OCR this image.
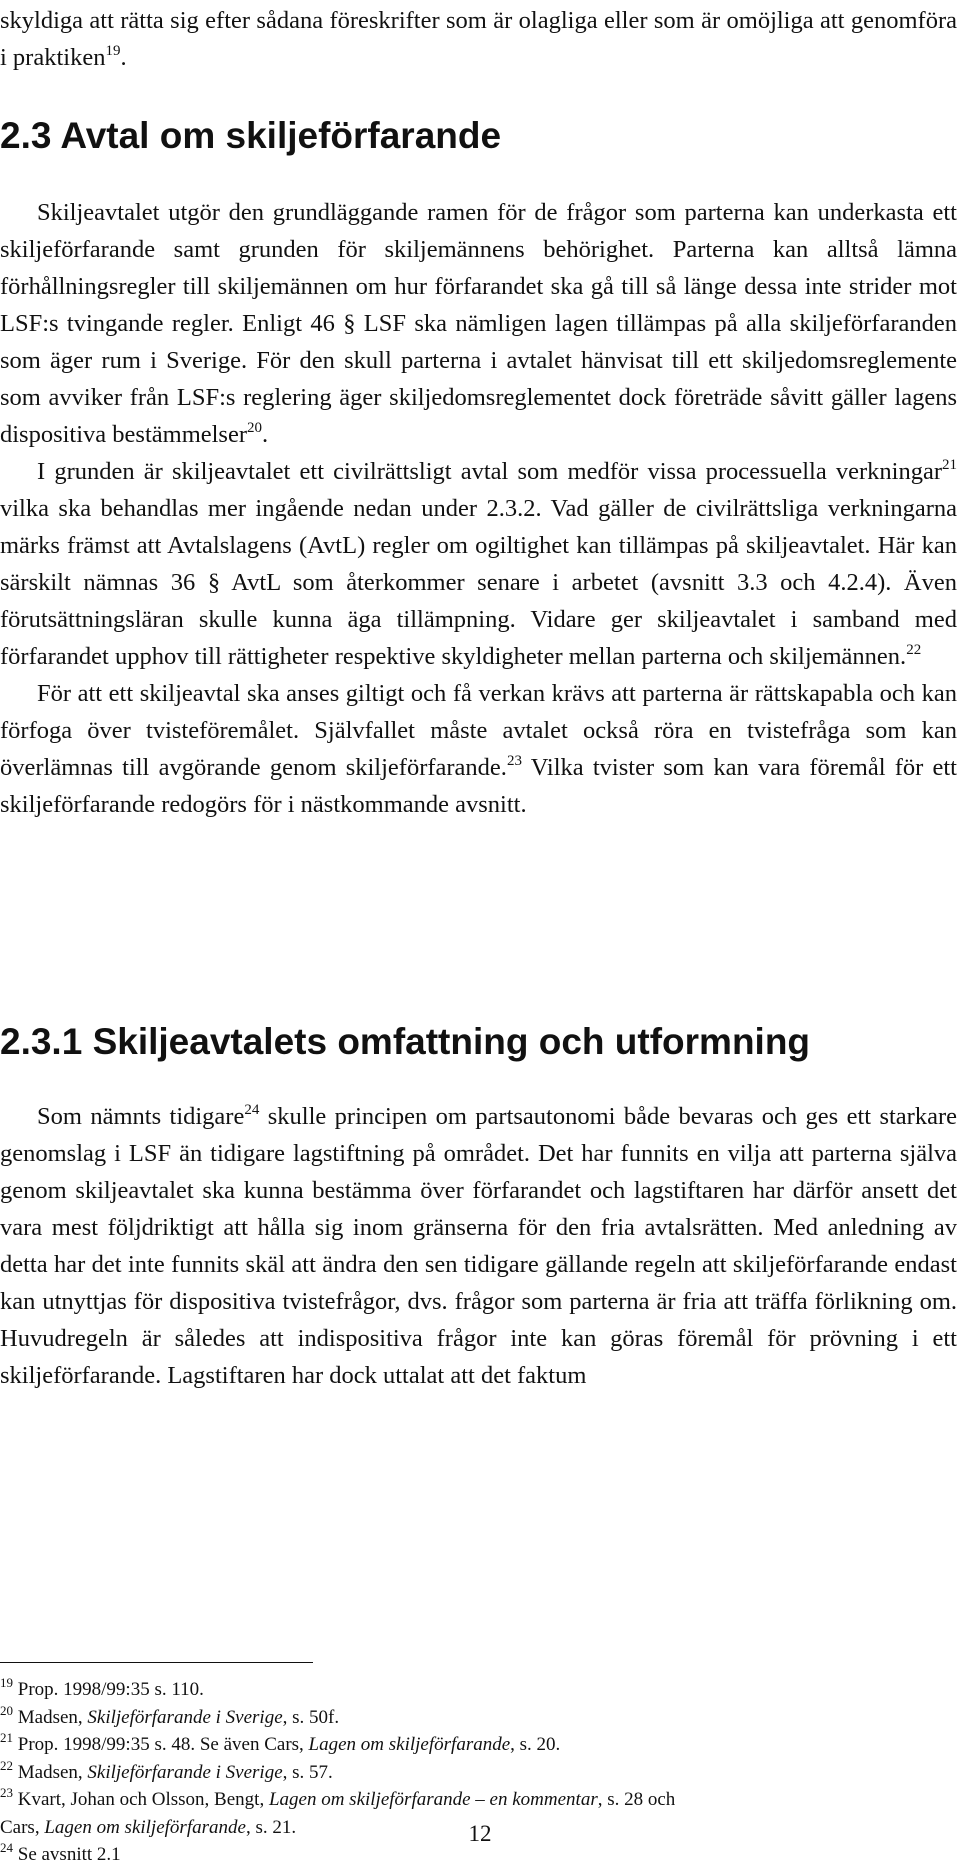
skyldiga att rätta sig efter sådana föreskrifter som är olagliga eller som är omöjliga att genomföra i praktiken$^{19}$.

2.3 Avtal om skiljeförfarande

Skiljeavtalet utgör den grundläggande ramen för de frågor som parterna kan underkasta ett skiljeförfarande samt grunden för skiljemännens behörighet. Parterna kan alltså lämna förhållningsregler till skiljemännen om hur förfarandet ska gå till så länge dessa inte strider mot LSF:s tvingande regler. Enligt 46 § LSF ska nämligen lagen tillämpas på alla skiljeförfaranden som äger rum i Sverige. För den skull parterna i avtalet hänvisat till ett skiljedomsreglemente som avviker från LSF:s reglering äger skiljedomsreglementet dock företräde såvitt gäller lagens dispositiva bestämmelser$^{20}$.

I grunden är skiljeavtalet ett civilrättsligt avtal som medför vissa processuella verkningar$^{21}$ vilka ska behandlas mer ingående nedan under 2.3.2. Vad gäller de civilrättsliga verkningarna märks främst att Avtalslagens (AvtL) regler om ogiltighet kan tillämpas på skiljeavtalet. Här kan särskilt nämnas 36 § AvtL som återkommer senare i arbetet (avsnitt 3.3 och 4.2.4). Även förutsättningsläran skulle kunna äga tillämpning. Vidare ger skiljeavtalet i samband med förfarandet upphov till rättigheter respektive skyldigheter mellan parterna och skiljemännen.$^{22}$

För att ett skiljeavtal ska anses giltigt och få verkan krävs att parterna är rättskapabla och kan förfoga över tvisteföremålet. Självfallet måste avtalet också röra en tvistefråga som kan överlämnas till avgörande genom skiljeförfarande.$^{23}$ Vilka tvister som kan vara föremål för ett skiljeförfarande redogörs för i nästkommande avsnitt.

2.3.1 Skiljeavtalets omfattning och utformning

Som nämnts tidigare$^{24}$ skulle principen om partsautonomi både bevaras och ges ett starkare genomslag i LSF än tidigare lagstiftning på området. Det har funnits en vilja att parterna själva genom skiljeavtalet ska kunna bestämma över förfarandet och lagstiftaren har därför ansett det vara mest följdriktigt att hålla sig inom gränserna för den fria avtalsrätten. Med anledning av detta har det inte funnits skäl att ändra den sen tidigare gällande regeln att skiljeförfarande endast kan utnyttjas för dispositiva tvistefrågor, dvs. frågor som parterna är fria att träffa förlikning om. Huvudregeln är således att indispositiva frågor inte kan göras föremål för prövning i ett skiljeförfarande. Lagstiftaren har dock uttalat att det faktum

$^{19}$ Prop. 1998/99:35 s. 110.

$^{20}$ Madsen, Skiljeförfarande i Sverige, s. 50f.

$^{21}$ Prop. 1998/99:35 s. 48. Se även Cars, Lagen om skiljeförfarande, s. 20.

$^{22}$ Madsen, Skiljeförfarande i Sverige, s. 57.

$^{23}$ Kvart, Johan och Olsson, Bengt, Lagen om skiljeförfarande – en kommentar, s. 28 och
Cars, Lagen om skiljeförfarande, s. 21.

$^{24}$ Se avsnitt 2.1

12
